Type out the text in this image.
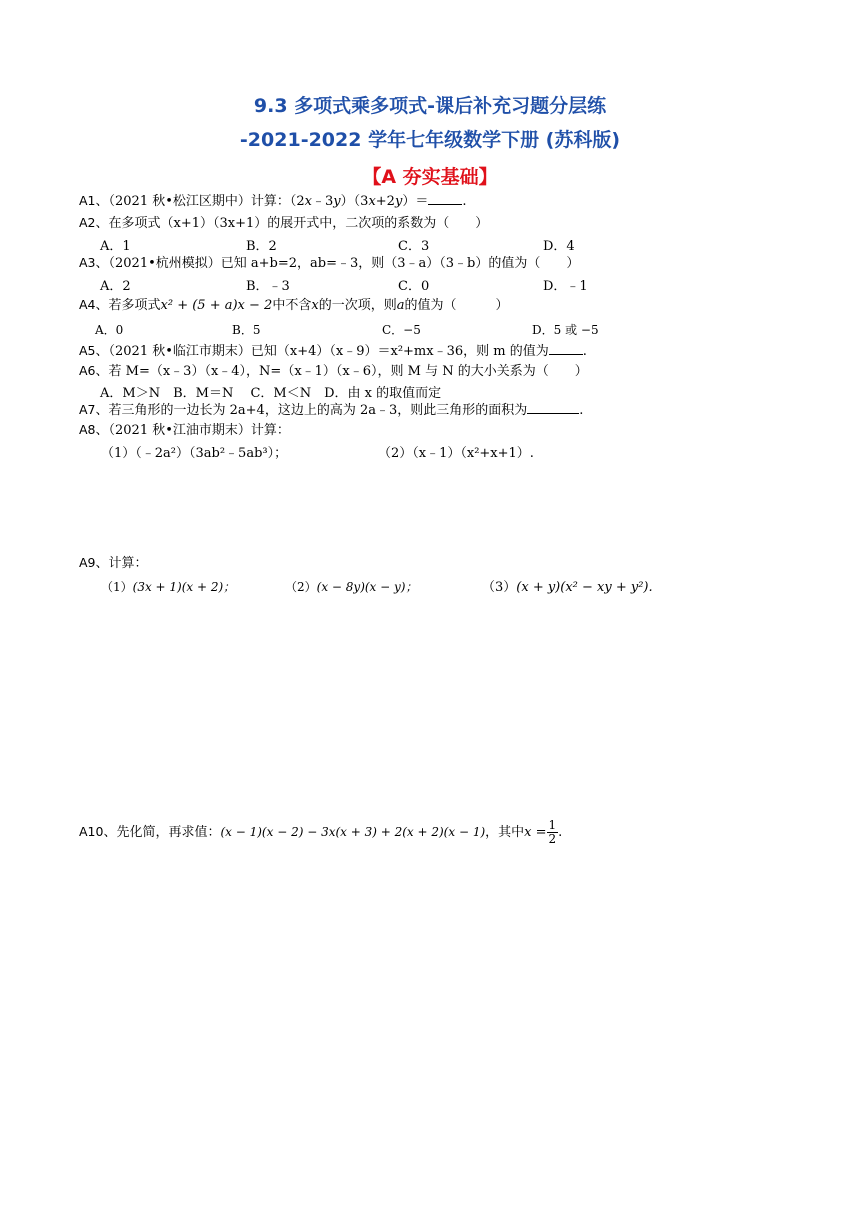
9.3 多项式乘多项式-课后补充习题分层练
-2021-2022 学年七年级数学下册 (苏科版)
【A 夯实基础】
A1、（2021 秋•松江区期中）计算：（2x﹣3y）（3x+2y）＝	.
A2、在多项式（x+1）（3x+1）的展开式中，二次项的系数为（　　）
A．1	B．2	C．3	D．4
A3、（2021•杭州模拟）已知 a+b=2，ab=﹣3，则（3﹣a）（3﹣b）的值为（　　）
A．2	B．﹣3	C．0	D．﹣1
A4、若多项式x² + (5 + a)x − 2中不含x的一次项，则a的值为（　　　）
A．0	B．5	C．−5	D．5 或 −5
A5、（2021 秋•临江市期末）已知（x+4）（x﹣9）＝x²+mx﹣36，则 m 的值为	.
A6、若 M=（x﹣3）（x﹣4），N=（x﹣1）（x﹣6），则 M 与 N 的大小关系为（　　）
A．M＞N　B．M＝N　 C．M＜N　D．由 x 的取值而定
A7、若三角形的一边长为 2a+4，这边上的高为 2a﹣3，则此三角形的面积为	.
A8、（2021 秋•江油市期末）计算：
（1）（﹣2a²）（3ab²﹣5ab³）；	（2）（x﹣1）（x²+x+1）.
A9、计算：
（1）(3x + 1)(x + 2)；	（2）(x − 8y)(x − y)；	（3）(x + y)(x² − xy + y²).
A10、先化简，再求值：(x − 1)(x − 2) − 3x(x + 3) + 2(x + 2)(x − 1)，其中$x = \frac{1}{2}$ .
